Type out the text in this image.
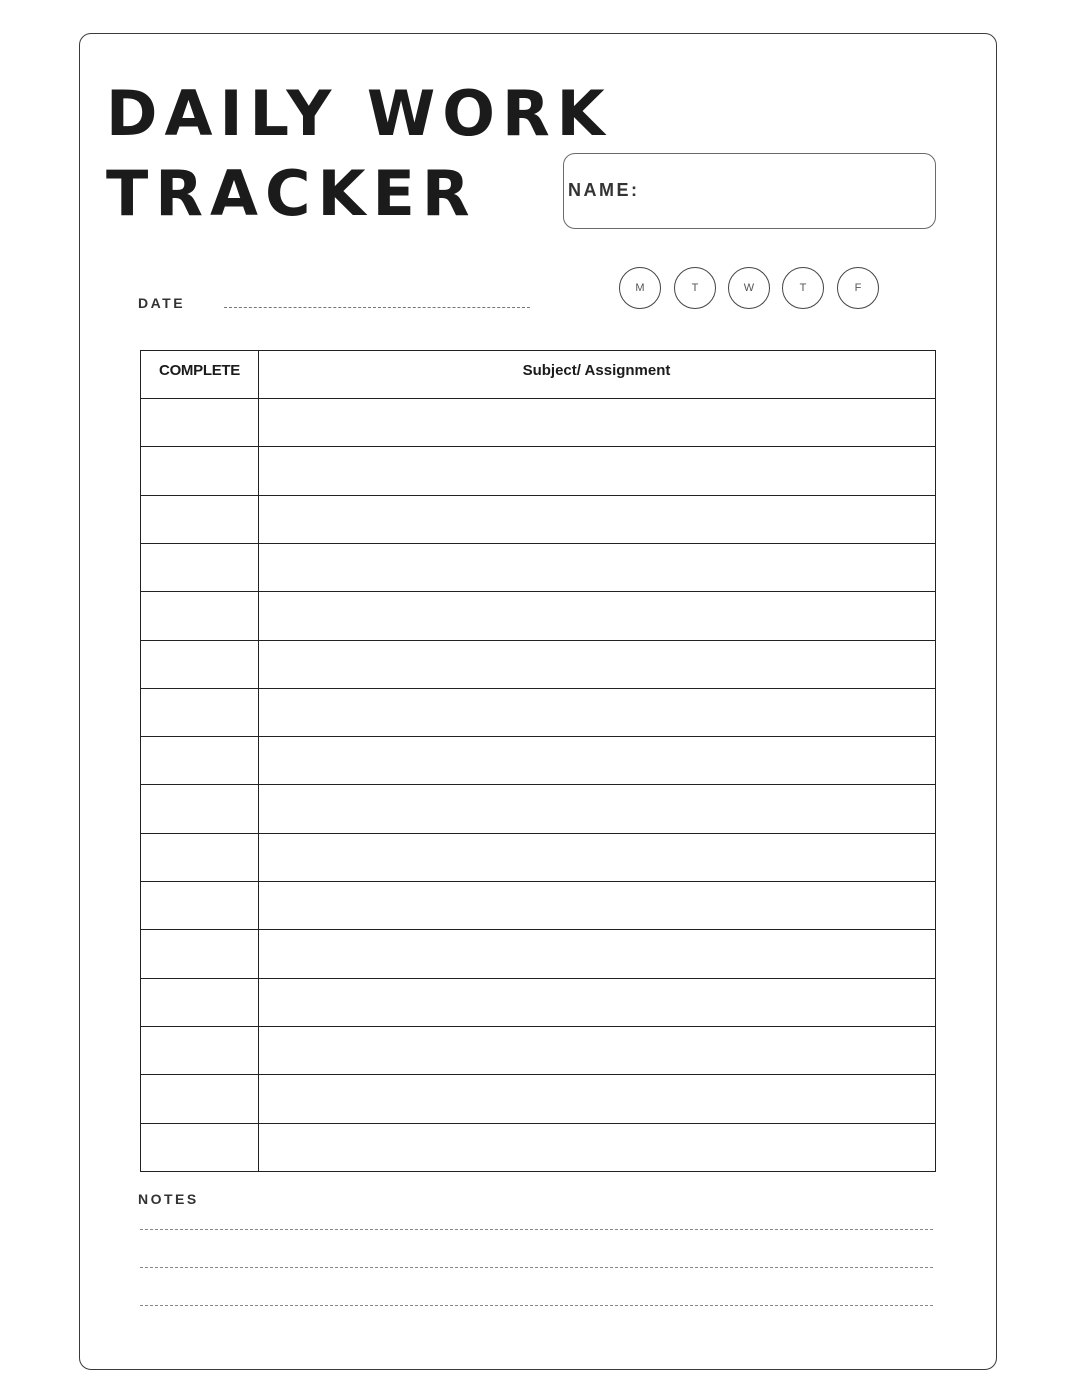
DAILY WORK
TRACKER	NAME:
DATE
M	T	W	T	F
COMPLETE	Subject/ Assignment
NOTES
